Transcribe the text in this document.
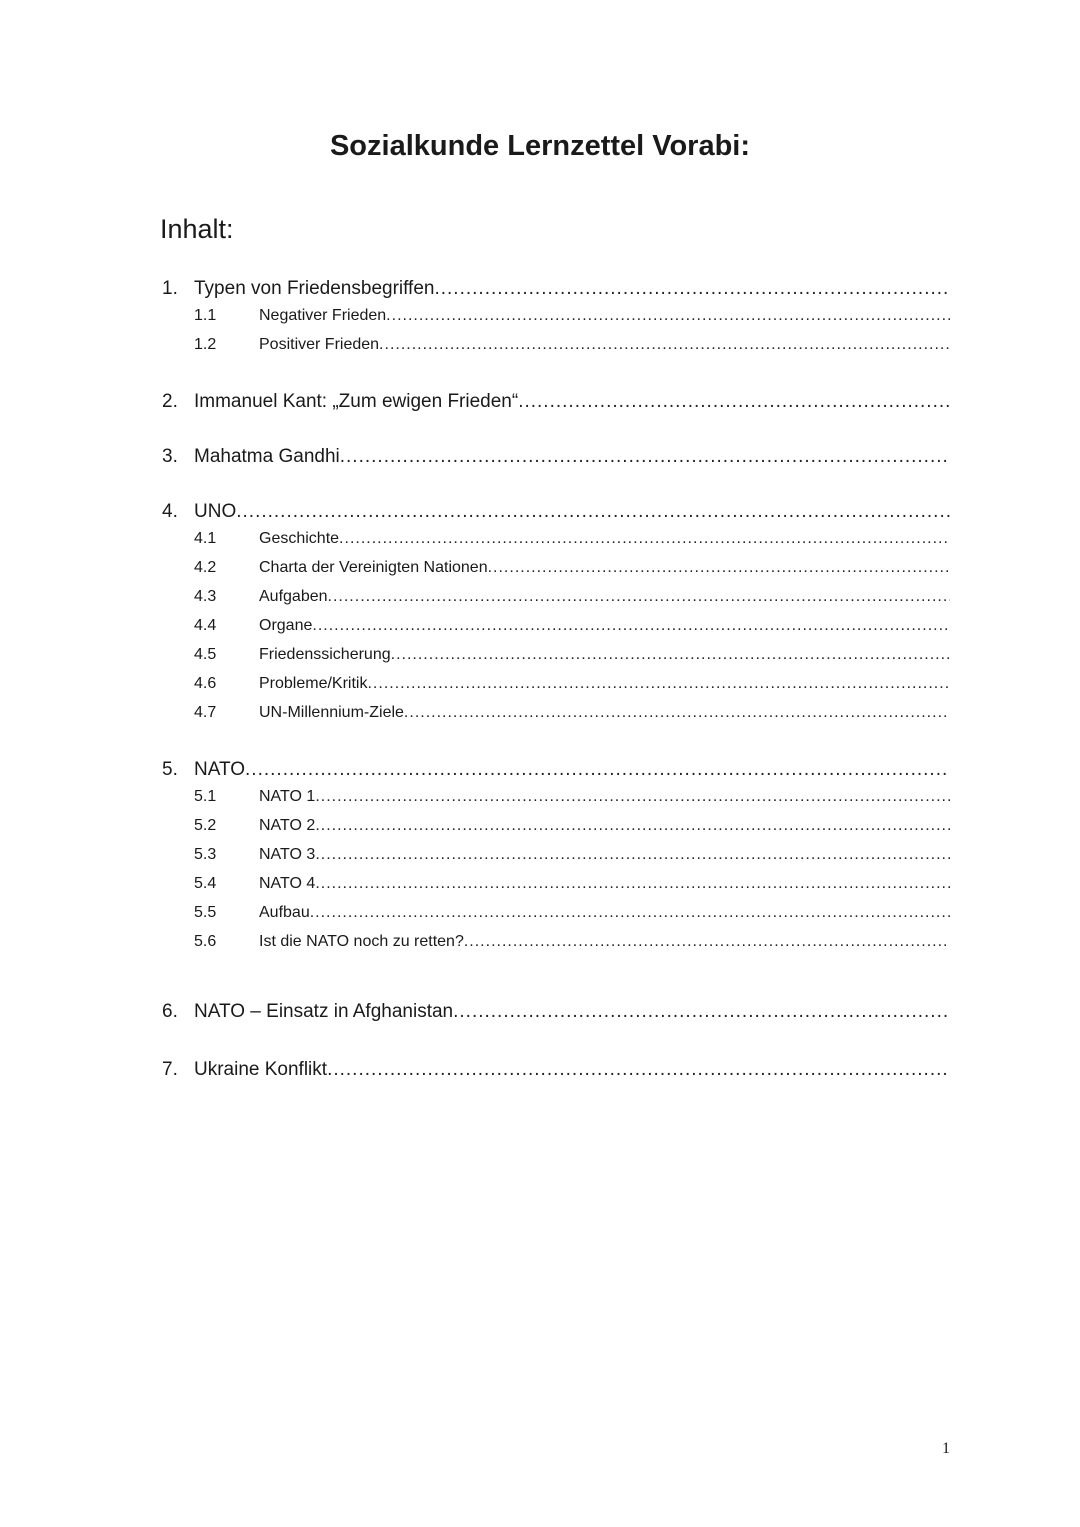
Sozialkunde Lernzettel Vorabi:
Inhalt:
1. Typen von Friedensbegriffen
.....
1.1	Negativer Frieden
.....
1.2	Positiver Frieden
.....
2. Immanuel Kant: „Zum ewigen Frieden“
.....
3. Mahatma Gandhi
.....
4. UNO
.....
4.1	Geschichte
.....
4.2	Charta der Vereinigten Nationen
.....
4.3	Aufgaben
.....
4.4	Organe
.....
4.5	Friedenssicherung
.....
4.6	Probleme/Kritik
.....
4.7	UN-Millennium-Ziele
.....
5. NATO
.....
5.1	NATO 1
.....
5.2	NATO 2
.....
5.3	NATO 3
.....
5.4	NATO 4
.....
5.5	Aufbau
.....
5.6	Ist die NATO noch zu retten?
.....
6. NATO – Einsatz in Afghanistan
.....
7. Ukraine Konflikt
.....
1
